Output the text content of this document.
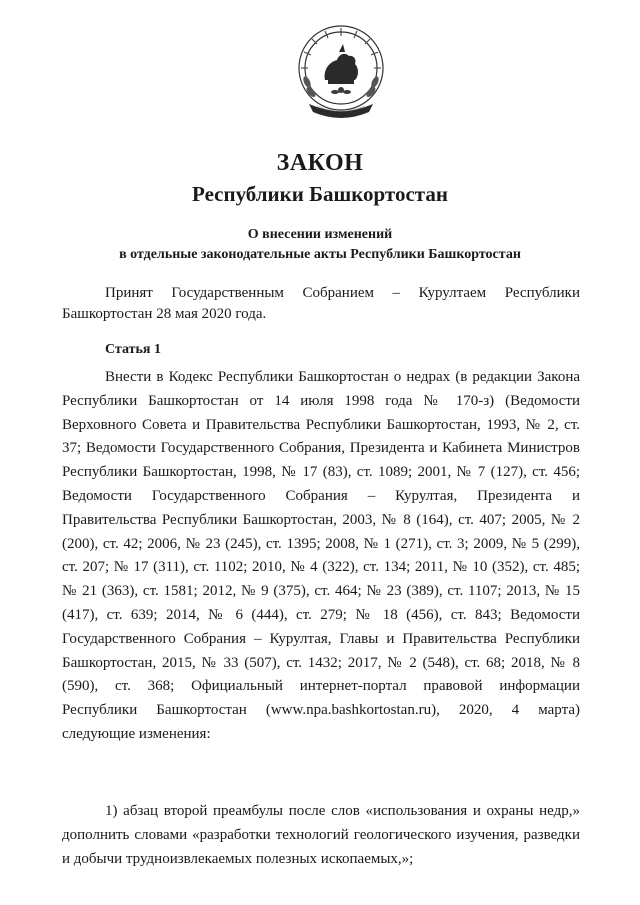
ЗАКОН
Республики Башкортостан
О внесении изменений
в отдельные законодательные акты Республики Башкортостан
Принят Государственным Собранием – Курултаем Республики
Башкортостан 28 мая 2020 года.
Статья 1

Внести в Кодекс Республики Башкортостан о недрах (в редакции Закона Республики Башкортостан от 14 июля 1998 года № 170-з) (Ведомости Верховного Совета и Правительства Республики Башкортостан, 1993, № 2, ст. 37; Ведомости Государственного Собрания, Президента и Кабинета Министров Республики Башкортостан, 1998, № 17 (83), ст. 1089; 2001, № 7 (127), ст. 456; Ведомости Государственного Собрания – Курултая, Президента и Правительства Республики Башкортостан, 2003, № 8 (164), ст. 407; 2005, № 2 (200), ст. 42; 2006, № 23 (245), ст. 1395; 2008, № 1 (271), ст. 3; 2009, № 5 (299), ст. 207; № 17 (311), ст. 1102; 2010, № 4 (322), ст. 134; 2011, № 10 (352), ст. 485; № 21 (363), ст. 1581; 2012, № 9 (375), ст. 464; № 23 (389), ст. 1107; 2013, № 15 (417), ст. 639; 2014, № 6 (444), ст. 279; № 18 (456), ст. 843; Ведомости Государственного Собрания – Курултая, Главы и Правительства Республики Башкортостан, 2015, № 33 (507), ст. 1432; 2017, № 2 (548), ст. 68; 2018, № 8 (590), ст. 368; Официальный интернет-портал правовой информации Республики Башкортостан (www.npa.bashkortostan.ru), 2020, 4 марта) следующие изменения:

1) абзац второй преамбулы после слов «использования и охраны недр,» дополнить словами «разработки технологий геологического изучения, разведки и добычи трудноизвлекаемых полезных ископаемых,»;
